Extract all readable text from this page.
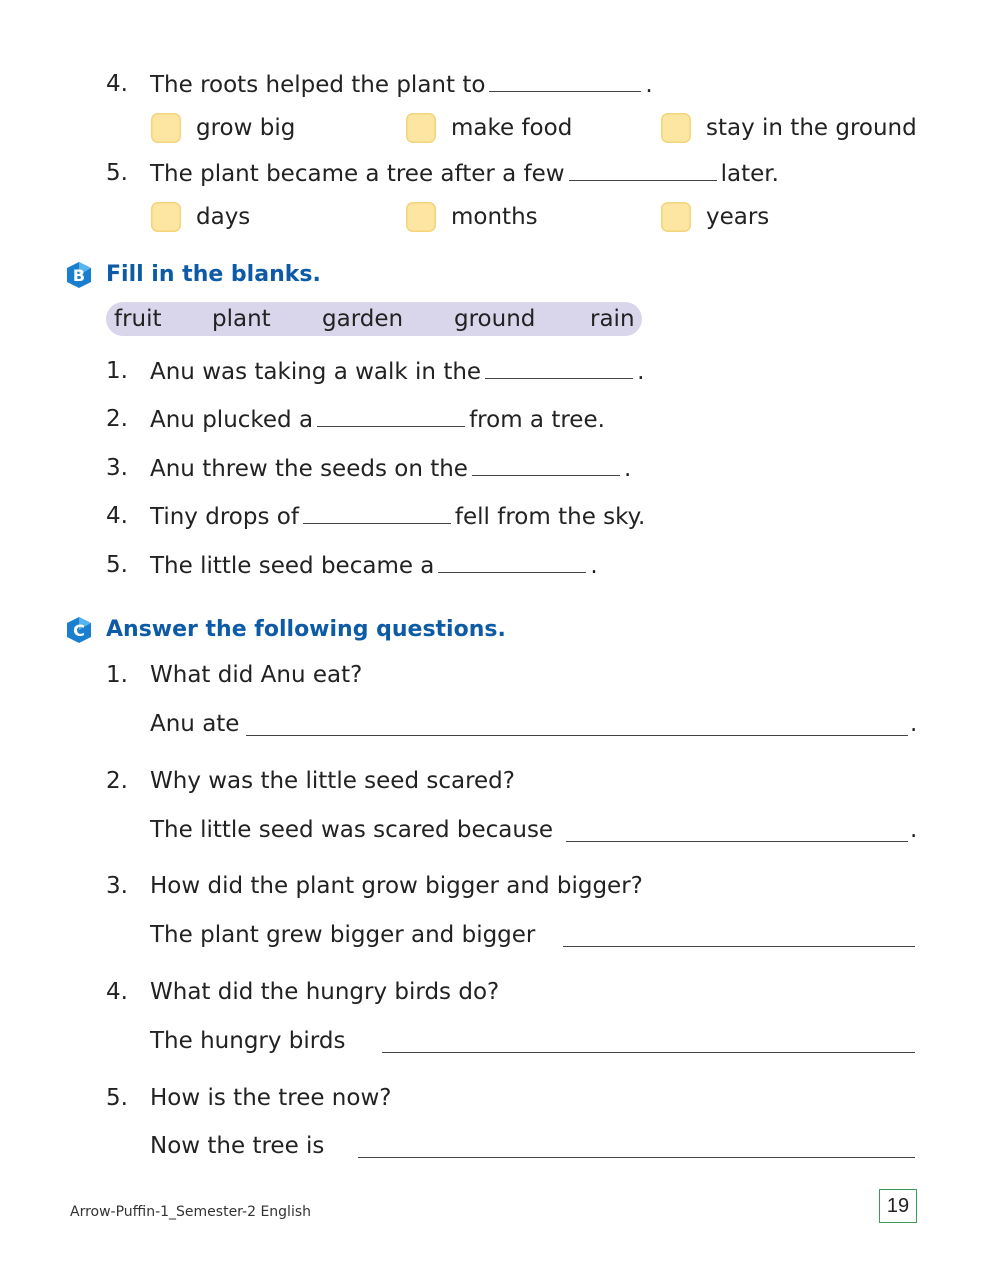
4. The roots helped the plant to	.
grow big	make food	stay in the ground
5. The plant became a tree after a few	later.
days	months	years
B Fill in the blanks.
fruit plant garden ground rain
1. Anu was taking a walk in the	.
2. Anu plucked a	from a tree.
3. Anu threw the seeds on the	.
4. Tiny drops of	fell from the sky.
5. The little seed became a	.
C Answer the following questions.
1. What did Anu eat?
Anu ate	.
2. Why was the little seed scared?
The little seed was scared because	.
3. How did the plant grow bigger and bigger?
The plant grew bigger and bigger
4. What did the hungry birds do?
The hungry birds
5. How is the tree now?
Now the tree is
Arrow-Puffin-1_Semester-2 English	19
